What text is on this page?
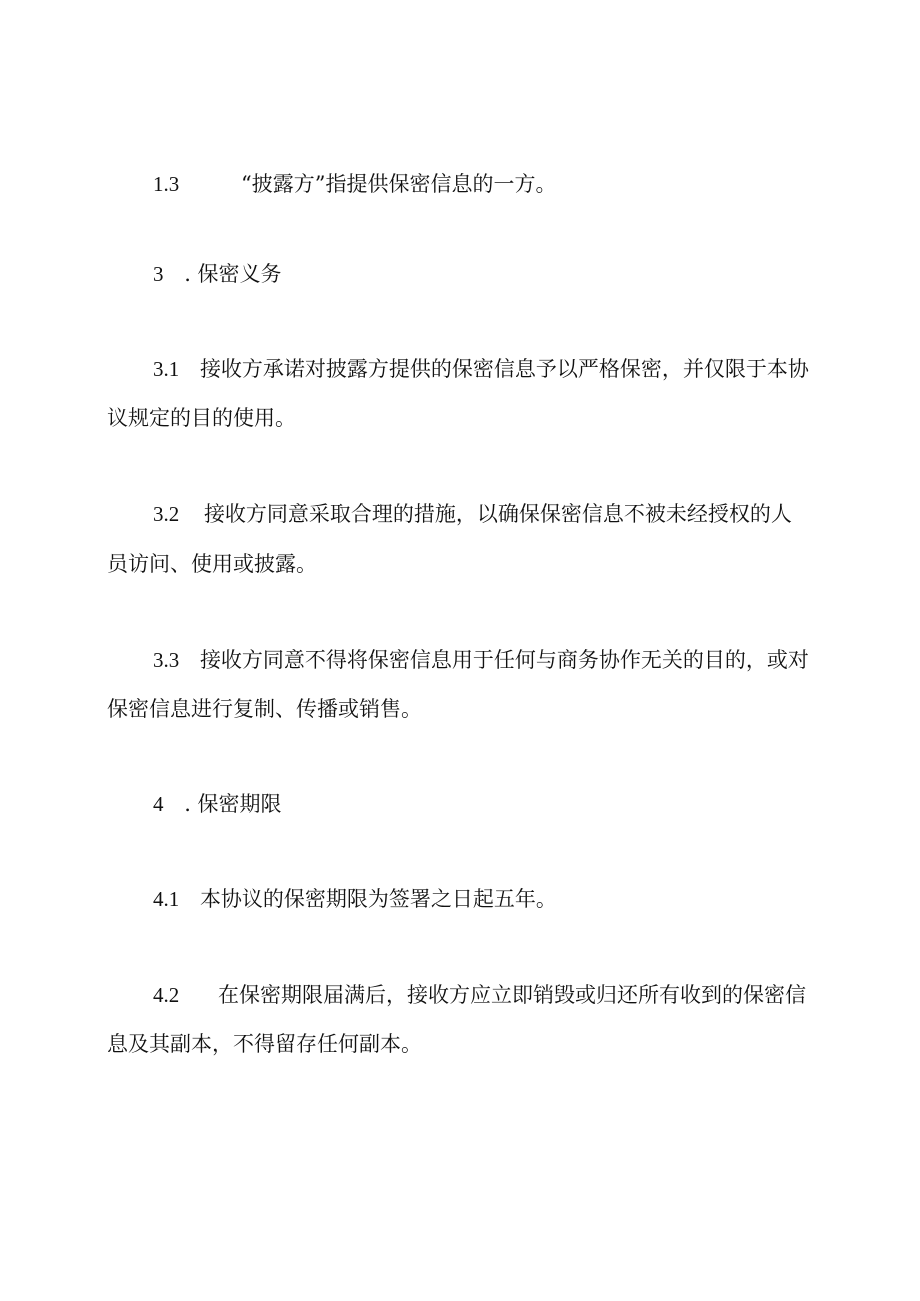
1.3	“披露方”指提供保密信息的一方。
3 . 保密义务
3.1 接收方承诺对披露方提供的保密信息予以严格保密，并仅限于本协
议规定的目的使用。
3.2 接收方同意采取合理的措施，以确保保密信息不被未经授权的人
员访问、使用或披露。
3.3 接收方同意不得将保密信息用于任何与商务协作无关的目的，或对
保密信息进行复制、传播或销售。
4 . 保密期限
4.1 本协议的保密期限为签署之日起五年。
4.2 在保密期限届满后，接收方应立即销毁或归还所有收到的保密信
息及其副本，不得留存任何副本。
